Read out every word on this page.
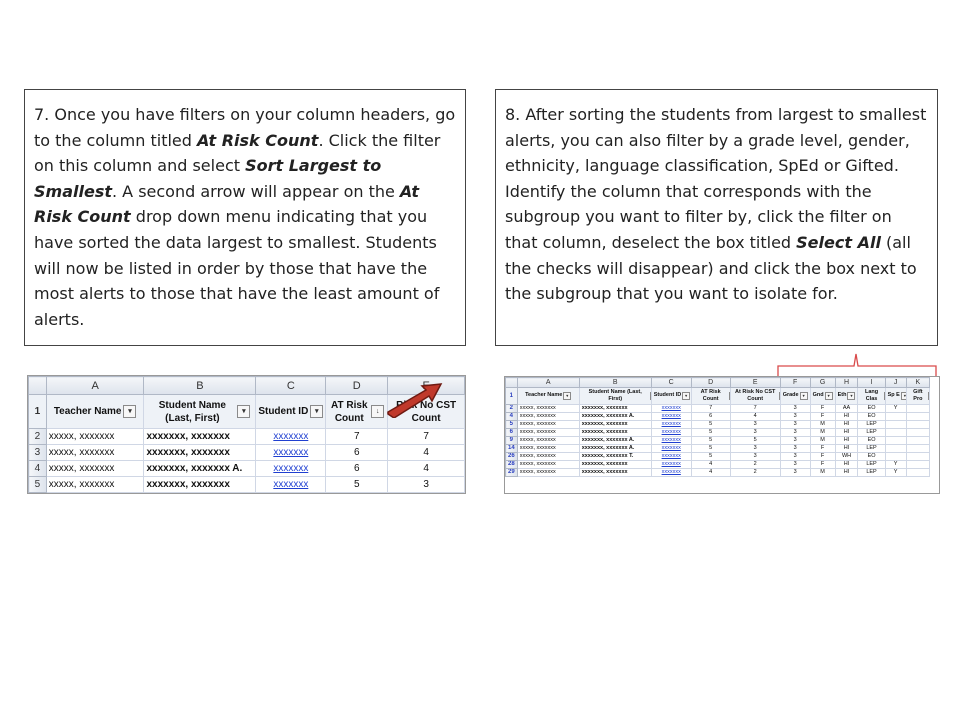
7. Once you have filters on your column headers, go to the column titled At Risk Count. Click the filter on this column and select Sort Largest to Smallest. A second arrow will appear on the At Risk Count drop down menu indicating that you have sorted the data largest to smallest. Students will now be listed in order by those that have the most alerts to those that have the least amount of alerts.

8. After sorting the students from largest to smallest alerts, you can also filter by a grade level, gender, ethnicity, language classification, SpEd or Gifted. Identify the column that corresponds with the subgroup you want to filter by, click the filter on that column, deselect the box titled Select All (all the checks will disappear) and click the box next to the subgroup that you want to isolate for.

	A	B	C	D	
1	Teacher Name ▾	Student Name (Last, First)▾	Student ID ▾	AT Risk Count↓	Risk No CST Count
2	xxxxx, xxxxxxx	xxxxxxx, xxxxxxx	xxxxxxx	7	7
3	xxxxx, xxxxxxx	xxxxxxx, xxxxxxx	xxxxxxx	6	4
4	xxxxx, xxxxxxx	xxxxxxx, xxxxxxx A.	xxxxxxx	6	4
5	xxxxx, xxxxxxx	xxxxxxx, xxxxxxx	xxxxxxx	5	3
	A	B	C	D	E	F	G	H	I	J	K
1	Teacher Name ▾	Student Name (Last, First)	Student ID ▾	AT Risk Count	At Risk No CST Count	Grade ▾	Gnd ▾	Eth ▾	Lang Clas	Sp E ▾	Gift Pro
2	xxxxx, xxxxxxx	xxxxxxx, xxxxxxx	xxxxxxx	7	7	3	F	AA	EO	Y	
4	xxxxx, xxxxxxx	xxxxxxx, xxxxxxx A.	xxxxxxx	6	4	3	F	HI	EO		
5	xxxxx, xxxxxxx	xxxxxxx, xxxxxxx	xxxxxxx	5	3	3	M	HI	LEP		
6	xxxxx, xxxxxxx	xxxxxxx, xxxxxxx	xxxxxxx	5	3	3	M	HI	LEP		
9	xxxxx, xxxxxxx	xxxxxxx, xxxxxxx A.	xxxxxxx	5	5	3	M	HI	EO		
14	xxxxx, xxxxxxx	xxxxxxx, xxxxxxx A.	xxxxxxx	5	3	3	F	HI	LEP		
26	xxxxx, xxxxxxx	xxxxxxx, xxxxxxx T.	xxxxxxx	5	3	3	F	WH	EO		
28	xxxxx, xxxxxxx	xxxxxxx, xxxxxxx	xxxxxxx	4	2	3	F	HI	LEP	Y	
29	xxxxx, xxxxxxx	xxxxxxx, xxxxxxx	xxxxxxx	4	2	3	M	HI	LEP	Y	
